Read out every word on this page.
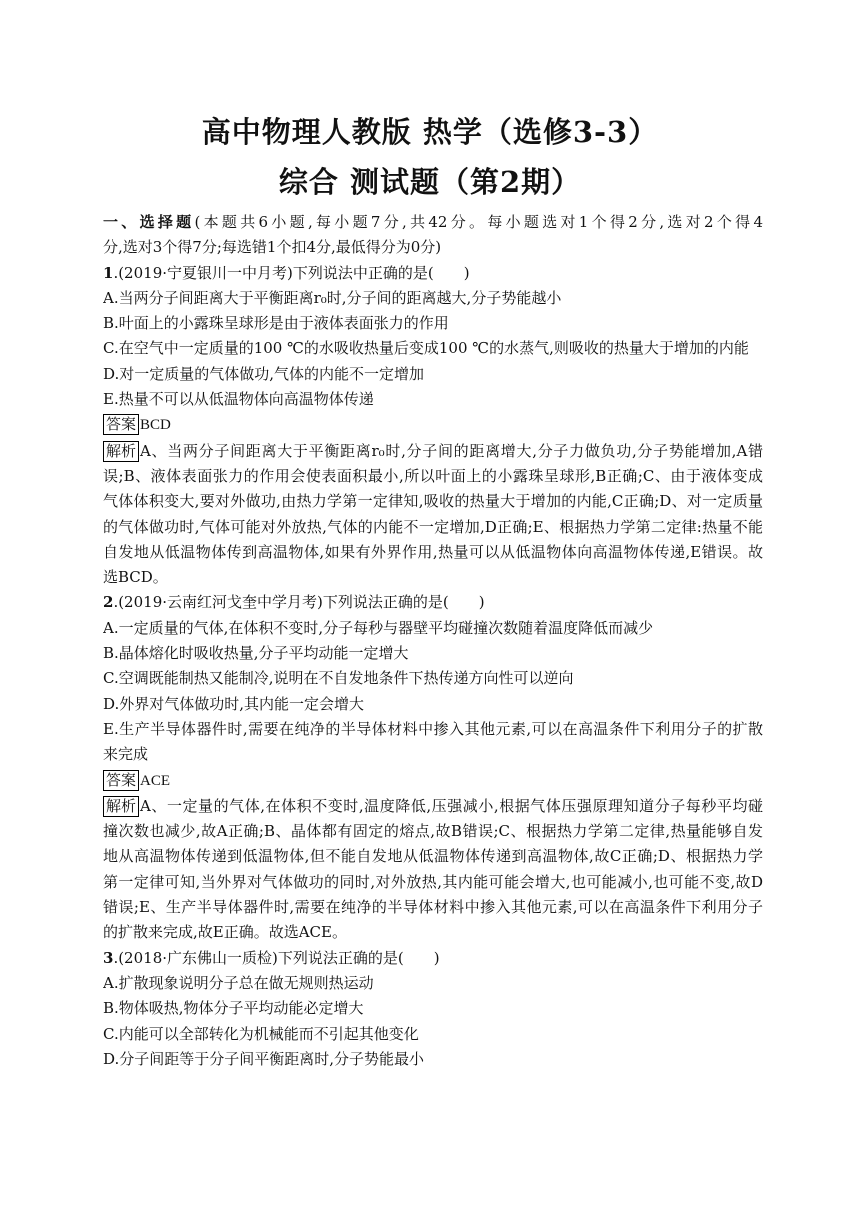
高中物理人教版 热学（选修3-3）
综合 测试题（第2期）
一、选择题(本题共6小题,每小题7分,共42分。每小题选对1个得2分,选对2个得4
分,选对3个得7分;每选错1个扣4分,最低得分为0分)
1.(2019·宁夏银川一中月考)下列说法中正确的是(　　)
A.当两分子间距离大于平衡距离r₀时,分子间的距离越大,分子势能越小
B.叶面上的小露珠呈球形是由于液体表面张力的作用
C.在空气中一定质量的100 ℃的水吸收热量后变成100 ℃的水蒸气,则吸收的热量大于增加的内能
D.对一定质量的气体做功,气体的内能不一定增加
E.热量不可以从低温物体向高温物体传递
答案 BCD
解析 A、当两分子间距离大于平衡距离r₀时,分子间的距离增大,分子力做负功,分子势能增加,A错
误;B、液体表面张力的作用会使表面积最小,所以叶面上的小露珠呈球形,B正确;C、由于液体变成
气体体积变大,要对外做功,由热力学第一定律知,吸收的热量大于增加的内能,C正确;D、对一定质量
的气体做功时,气体可能对外放热,气体的内能不一定增加,D正确;E、根据热力学第二定律:热量不能
自发地从低温物体传到高温物体,如果有外界作用,热量可以从低温物体向高温物体传递,E错误。故
选BCD。
2.(2019·云南红河戈奎中学月考)下列说法正确的是(　　)
A.一定质量的气体,在体积不变时,分子每秒与器壁平均碰撞次数随着温度降低而减少
B.晶体熔化时吸收热量,分子平均动能一定增大
C.空调既能制热又能制冷,说明在不自发地条件下热传递方向性可以逆向
D.外界对气体做功时,其内能一定会增大
E.生产半导体器件时,需要在纯净的半导体材料中掺入其他元素,可以在高温条件下利用分子的扩散
来完成
答案 ACE
解析 A、一定量的气体,在体积不变时,温度降低,压强减小,根据气体压强原理知道分子每秒平均碰
撞次数也减少,故A正确;B、晶体都有固定的熔点,故B错误;C、根据热力学第二定律,热量能够自发
地从高温物体传递到低温物体,但不能自发地从低温物体传递到高温物体,故C正确;D、根据热力学
第一定律可知,当外界对气体做功的同时,对外放热,其内能可能会增大,也可能减小,也可能不变,故D
错误;E、生产半导体器件时,需要在纯净的半导体材料中掺入其他元素,可以在高温条件下利用分子
的扩散来完成,故E正确。故选ACE。
3.(2018·广东佛山一质检)下列说法正确的是(　　)
A.扩散现象说明分子总在做无规则热运动
B.物体吸热,物体分子平均动能必定增大
C.内能可以全部转化为机械能而不引起其他变化
D.分子间距等于分子间平衡距离时,分子势能最小
